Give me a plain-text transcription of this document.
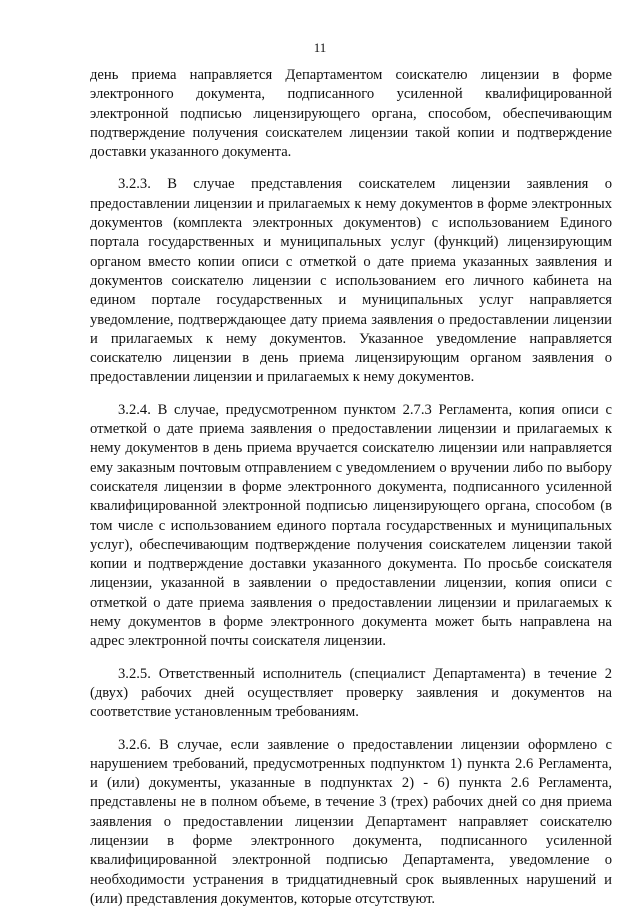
11

день приема направляется Департаментом соискателю лицензии в форме электронного документа, подписанного усиленной квалифицированной электронной подписью лицензирующего органа, способом, обеспечивающим подтверждение получения соискателем лицензии такой копии и подтверждение доставки указанного документа.

3.2.3. В случае представления соискателем лицензии заявления о предоставлении лицензии и прилагаемых к нему документов в форме электронных документов (комплекта электронных документов) с использованием Единого портала государственных и муниципальных услуг (функций) лицензирующим органом вместо копии описи с отметкой о дате приема указанных заявления и документов соискателю лицензии с использованием его личного кабинета на едином портале государственных и муниципальных услуг направляется уведомление, подтверждающее дату приема заявления о предоставлении лицензии и прилагаемых к нему документов. Указанное уведомление направляется соискателю лицензии в день приема лицензирующим органом заявления о предоставлении лицензии и прилагаемых к нему документов.

3.2.4. В случае, предусмотренном пунктом 2.7.3 Регламента, копия описи с отметкой о дате приема заявления о предоставлении лицензии и прилагаемых к нему документов в день приема вручается соискателю лицензии или направляется ему заказным почтовым отправлением с уведомлением о вручении либо по выбору соискателя лицензии в форме электронного документа, подписанного усиленной квалифицированной электронной подписью лицензирующего органа, способом (в том числе с использованием единого портала государственных и муниципальных услуг), обеспечивающим подтверждение получения соискателем лицензии такой копии и подтверждение доставки указанного документа. По просьбе соискателя лицензии, указанной в заявлении о предоставлении лицензии, копия описи с отметкой о дате приема заявления о предоставлении лицензии и прилагаемых к нему документов в форме электронного документа может быть направлена на адрес электронной почты соискателя лицензии.

3.2.5. Ответственный исполнитель (специалист Департамента) в течение 2 (двух) рабочих дней осуществляет проверку заявления и документов на соответствие установленным требованиям.

3.2.6. В случае, если заявление о предоставлении лицензии оформлено с нарушением требований, предусмотренных подпунктом 1) пункта 2.6 Регламента, и (или) документы, указанные в подпунктах 2) - 6) пункта 2.6 Регламента, представлены не в полном объеме, в течение 3 (трех) рабочих дней со дня приема заявления о предоставлении лицензии Департамент направляет соискателю лицензии в форме электронного документа, подписанного усиленной квалифицированной электронной подписью Департамента, уведомление о необходимости устранения в тридцатидневный срок выявленных нарушений и (или) представления документов, которые отсутствуют.
